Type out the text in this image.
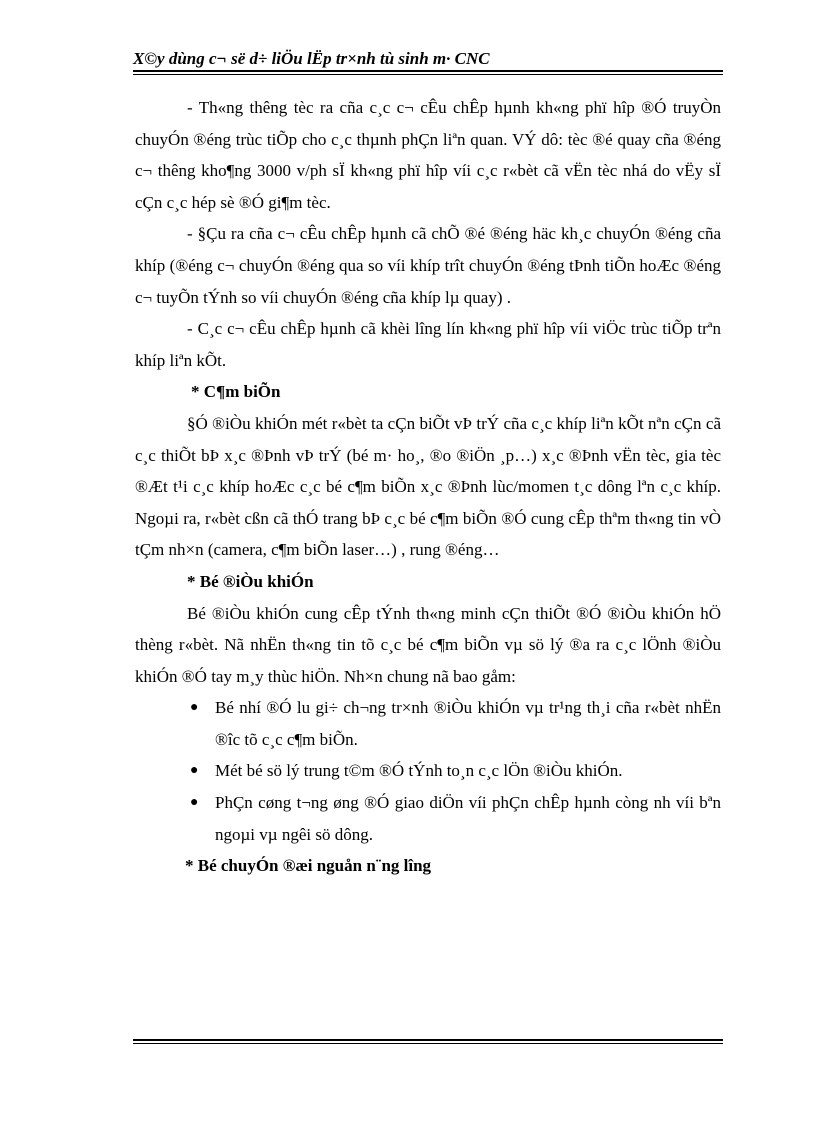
X©y dùng c¬ së d÷ liÖu lËp tr×nh tù sinh m· CNC

- Th«ng thêng tèc ra cña c¸c c¬ cÊu chÊp hµnh kh«ng phï hîp ®Ó truyÒn chuyÓn ®éng trùc tiÕp cho c¸c thµnh phÇn liªn quan. VÝ dô: tèc ®é quay cña ®éng c¬ thêng kho¶ng 3000 v/ph sÏ kh«ng phï hîp víi c¸c r«bèt cã vËn tèc nhá do vËy sÏ cÇn c¸c hép sè ®Ó gi¶m tèc.

- §Çu ra cña c¬ cÊu chÊp hµnh cã chÕ ®é ®éng häc kh¸c chuyÓn ®éng cña khíp (®éng c¬ chuyÓn ®éng qua so víi khíp trît chuyÓn ®éng tÞnh tiÕn hoÆc ®éng c¬ tuyÕn tÝnh so víi chuyÓn ®éng cña khíp lµ quay) .

- C¸c c¬ cÊu chÊp hµnh cã khèi lîng lín kh«ng phï hîp víi viÖc trùc tiÕp trªn khíp liªn kÕt.

* C¶m biÕn

§Ó ®iÒu khiÓn mét r«bèt ta cÇn biÕt vÞ trÝ cña c¸c khíp liªn kÕt nªn cÇn cã c¸c thiÕt bÞ x¸c ®Þnh vÞ trÝ (bé m· ho¸, ®o ®iÖn ¸p…) x¸c ®Þnh vËn tèc, gia tèc ®Æt t¹i c¸c khíp hoÆc c¸c bé c¶m biÕn x¸c ®Þnh lùc/momen t¸c dông lªn c¸c khíp. Ngoµi ra, r«bèt cßn cã thÓ trang bÞ c¸c bé c¶m biÕn ®Ó cung cÊp thªm th«ng tin vÒ tÇm nh×n (camera, c¶m biÕn laser…) , rung ®éng…

* Bé ®iÒu khiÓn

Bé ®iÒu khiÓn cung cÊp tÝnh th«ng minh cÇn thiÕt ®Ó ®iÒu khiÓn hÖ thèng r«bèt. Nã nhËn th«ng tin tõ c¸c bé c¶m biÕn vµ sö lý ®a ra c¸c lÖnh ®iÒu khiÓn ®Ó tay m¸y thùc hiÖn. Nh×n chung nã bao gåm:

● Bé nhí ®Ó lu gi÷ ch¬ng tr×nh ®iÒu khiÓn vµ tr¹ng th¸i cña r«bèt nhËn ®îc tõ c¸c c¶m biÕn.
● Mét bé sö lý trung t©m ®Ó tÝnh to¸n c¸c lÖn ®iÒu khiÓn.
● PhÇn cøng t¬ng øng ®Ó giao diÖn víi phÇn chÊp hµnh còng nh víi bªn ngoµi vµ ngêi sö dông.

* Bé chuyÓn ®æi nguån n¨ng lîng
